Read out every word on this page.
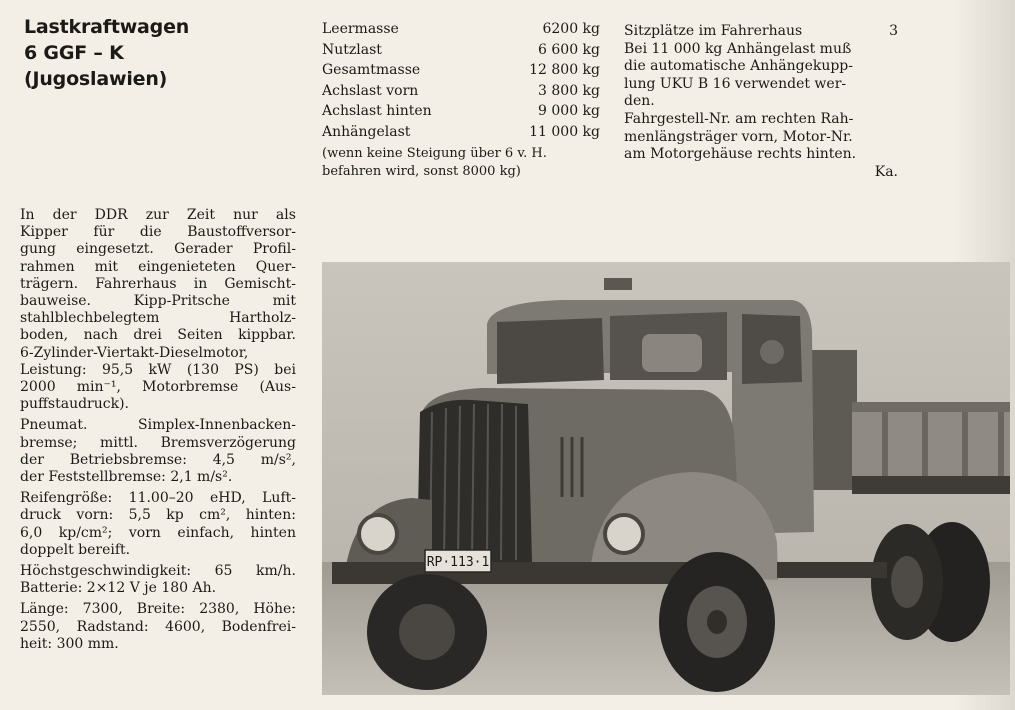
Lastkraftwagen
6 GGF – K
(Jugoslawien)
Leermasse	6200 kg
Nutzlast	6 600 kg
Gesamtmasse	12 800 kg
Achslast vorn	3 800 kg
Achslast hinten	9 000 kg
Anhängelast	11 000 kg
(wenn keine Steigung über 6 v. H.
befahren wird, sonst 8000 kg)
Sitzplätze im Fahrerhaus	3
Bei 11 000 kg Anhängelast muß
die automatische Anhängekupp-
lung UKU B 16 verwendet wer-
den.
Fahrgestell-Nr. am rechten Rah-
menlängsträger vorn, Motor-Nr.
am Motorgehäuse rechts hinten.
Ka.

In der DDR zur Zeit nur als
Kipper für die Baustoffversor-
gung eingesetzt. Gerader Profil-
rahmen mit eingenieteten Quer-
trägern. Fahrerhaus in Gemischt-
bauweise.	Kipp-Pritsche	mit
stahlblechbelegtem	Hartholz-
boden, nach drei Seiten kippbar.
6-Zylinder-Viertakt-Dieselmotor,
Leistung: 95,5 kW (130 PS) bei
2000 min⁻¹, Motorbremse (Aus-
puffstaudruck).

Pneumat.	Simplex-Innenbacken-
bremse; mittl. Bremsverzögerung
der Betriebsbremse: 4,5 m/s²,
der Feststellbremse: 2,1 m/s².

Reifengröße: 11.00–20 eHD, Luft-
druck vorn: 5,5 kp cm², hinten:
6,0 kp/cm²; vorn einfach, hinten
doppelt bereift.

Höchstgeschwindigkeit: 65 km/h.
Batterie: 2×12 V je 180 Ah.

Länge: 7300, Breite: 2380, Höhe:
2550, Radstand: 4600, Bodenfrei-
heit: 300 mm.

RP·113·1
